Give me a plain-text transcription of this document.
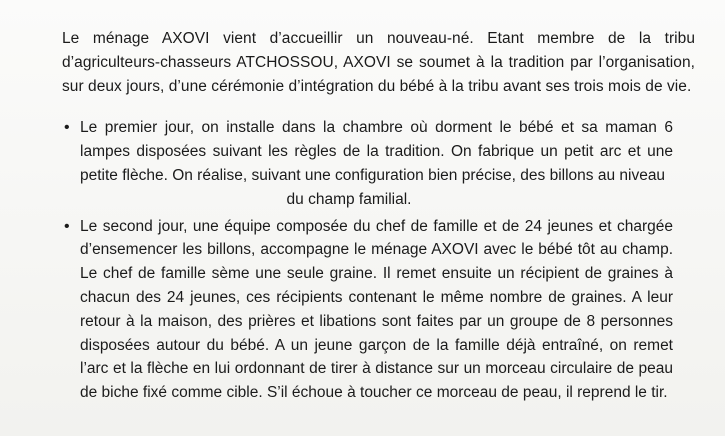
Le ménage AXOVI vient d’accueillir un nouveau-né. Etant membre de la tribu d’agriculteurs-chasseurs ATCHOSSOU, AXOVI se soumet à la tradition par l’organisation, sur deux jours, d’une cérémonie d’intégration du bébé à la tribu avant ses trois mois de vie.

• Le premier jour, on installe dans la chambre où dorment le bébé et sa maman 6 lampes disposées suivant les règles de la tradition. On fabrique un petit arc et une petite flèche. On réalise, suivant une configuration bien précise, des billons au niveau
du champ familial.
• Le second jour, une équipe composée du chef de famille et de 24 jeunes et chargée d’ensemencer les billons, accompagne le ménage AXOVI avec le bébé tôt au champ. Le chef de famille sème une seule graine. Il remet ensuite un récipient de graines à chacun des 24 jeunes, ces récipients contenant le même nombre de graines. A leur retour à la maison, des prières et libations sont faites par un groupe de 8 personnes disposées autour du bébé. A un jeune garçon de la famille déjà entraîné, on remet l’arc et la flèche en lui ordonnant de tirer à distance sur un morceau circulaire de peau de biche fixé comme cible. S’il échoue à toucher ce morceau de peau, il reprend le tir.
